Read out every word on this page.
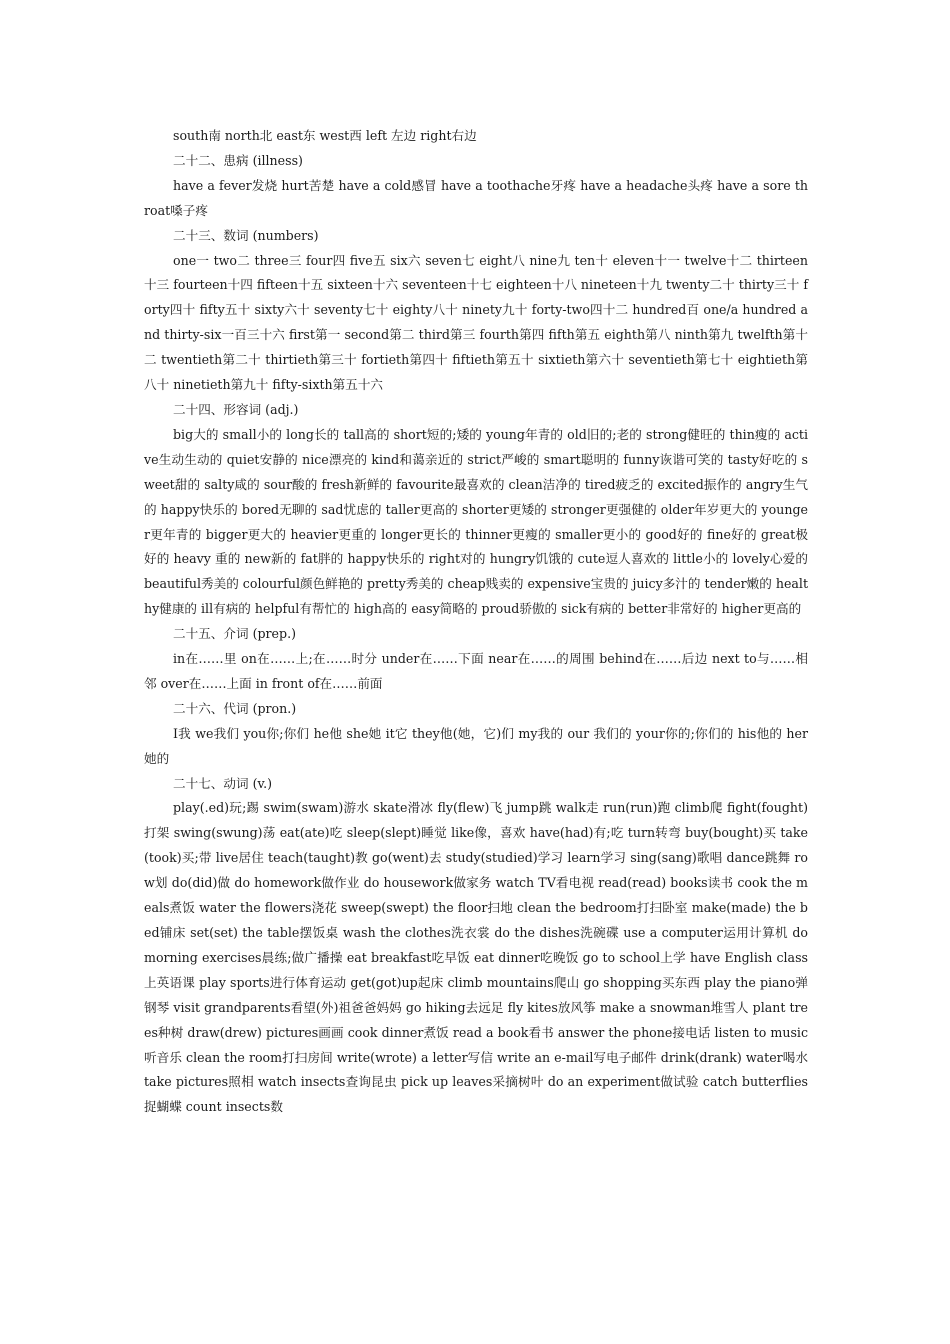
south南 north北 east东 west西 left 左边 right右边

二十二、患病 (illness)

have a fever发烧 hurt苦楚 have a cold感冒 have a toothache牙疼 have a headache头疼 have a sore throat嗓子疼

二十三、数词 (numbers)

one一 two二 three三 four四 five五 six六 seven七 eight八 nine九 ten十 eleven十一 twelve十二 thirteen十三 fourteen十四 fifteen十五 sixteen十六 seventeen十七 eighteen十八 nineteen十九 twenty二十 thirty三十 forty四十 fifty五十 sixty六十 seventy七十 eighty八十 ninety九十 forty-two四十二 hundred百 one/a hundred and thirty-six一百三十六 first第一 second第二 third第三 fourth第四 fifth第五 eighth第八 ninth第九 twelfth第十二 twentieth第二十 thirtieth第三十 fortieth第四十 fiftieth第五十 sixtieth第六十 seventieth第七十 eightieth第八十 ninetieth第九十 fifty-sixth第五十六

二十四、形容词 (adj.)

big大的 small小的 long长的 tall高的 short短的;矮的 young年青的 old旧的;老的 strong健旺的 thin瘦的 active生动生动的 quiet安静的 nice漂亮的 kind和蔼亲近的 strict严峻的 smart聪明的 funny诙谐可笑的 tasty好吃的 sweet甜的 salty咸的 sour酸的 fresh新鲜的 favourite最喜欢的 clean洁净的 tired疲乏的 excited振作的 angry生气的 happy快乐的 bored无聊的 sad忧虑的 taller更高的 shorter更矮的 stronger更强健的 older年岁更大的 younger更年青的 bigger更大的 heavier更重的 longer更长的 thinner更瘦的 smaller更小的 good好的 fine好的 great极好的 heavy 重的 new新的 fat胖的 happy快乐的 right对的 hungry饥饿的 cute逗人喜欢的 little小的 lovely心爱的 beautiful秀美的 colourful颜色鲜艳的 pretty秀美的 cheap贱卖的 expensive宝贵的 juicy多汁的 tender嫩的 healthy健康的 ill有病的 helpful有帮忙的 high高的 easy简略的 proud骄傲的 sick有病的 better非常好的 higher更高的

二十五、介词 (prep.)

in在……里 on在……上;在……时分 under在……下面 near在……的周围 behind在……后边 next to与……相邻 over在……上面 in front of在……前面

二十六、代词 (pron.)

I我 we我们 you你;你们 he他 she她 it它 they他(她，它)们 my我的 our 我们的 your你的;你们的 his他的 her她的

二十七、动词 (v.)

play(.ed)玩;踢 swim(swam)游水 skate滑冰 fly(flew)飞 jump跳 walk走 run(run)跑 climb爬 fight(fought)打架 swing(swung)荡 eat(ate)吃 sleep(slept)睡觉 like像，喜欢 have(had)有;吃 turn转弯 buy(bought)买 take(took)买;带 live居住 teach(taught)教 go(went)去 study(studied)学习 learn学习 sing(sang)歌唱 dance跳舞 row划 do(did)做 do homework做作业 do housework做家务 watch TV看电视 read(read) books读书 cook the meals煮饭 water the flowers浇花 sweep(swept) the floor扫地 clean the bedroom打扫卧室 make(made) the bed铺床 set(set) the table摆饭桌 wash the clothes洗衣裳 do the dishes洗碗碟 use a computer运用计算机 do morning exercises晨练;做广播操 eat breakfast吃早饭 eat dinner吃晚饭 go to school上学 have English class上英语课 play sports进行体育运动 get(got)up起床 climb mountains爬山 go shopping买东西 play the piano弹钢琴 visit grandparents看望(外)祖爸爸妈妈 go hiking去远足 fly kites放风筝 make a snowman堆雪人 plant trees种树 draw(drew) pictures画画 cook dinner煮饭 read a book看书 answer the phone接电话 listen to music听音乐 clean the room打扫房间 write(wrote) a letter写信 write an e-mail写电子邮件 drink(drank) water喝水 take pictures照相 watch insects查询昆虫 pick up leaves采摘树叶 do an experiment做试验 catch butterflies捉蝴蝶 count insects数
